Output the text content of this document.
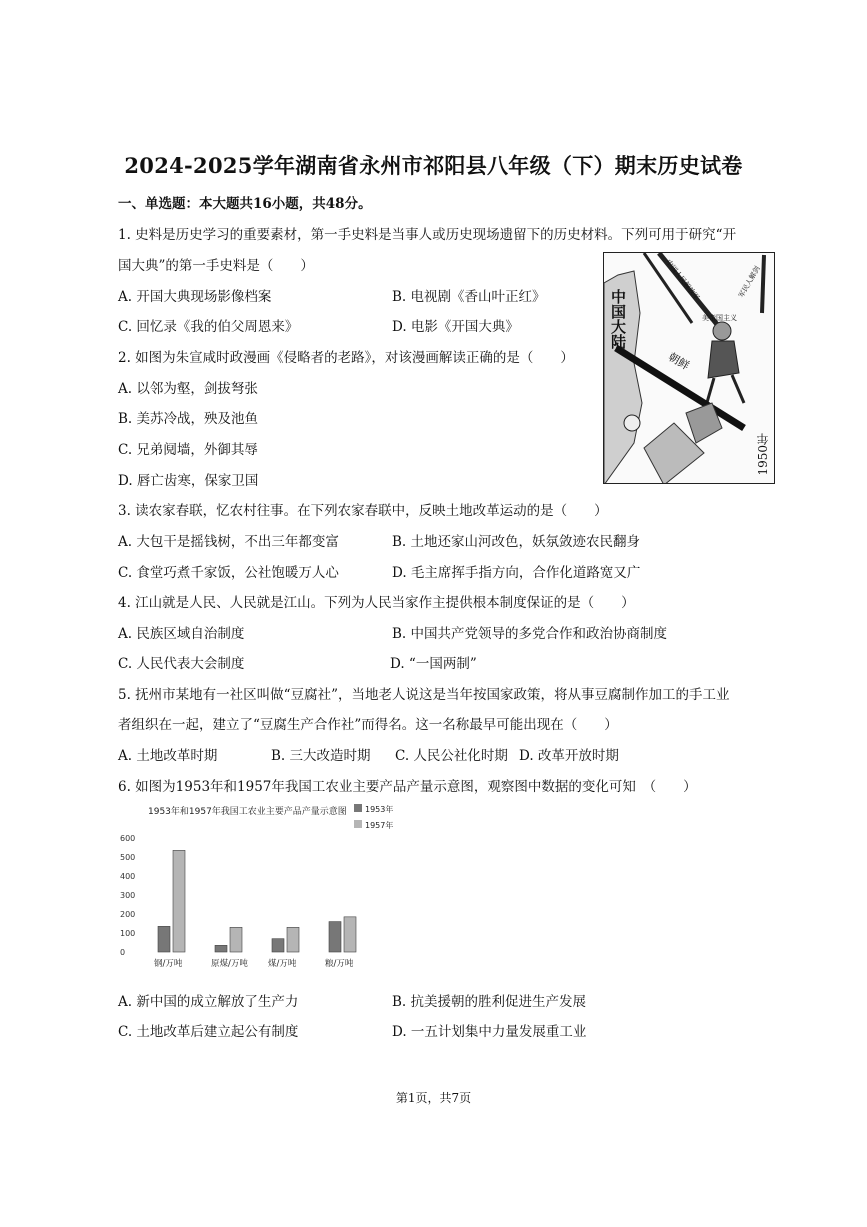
2024-2025学年湖南省永州市祁阳县八年级（下）期末历史试卷
一、单选题：本大题共16小题，共48分。
1. 史料是历史学习的重要素材，第一手史料是当事人或历史现场遗留下的历史材料。下列可用于研究“开
国大典”的第一手史料是（　　）
A. 开国大典现场影像档案	B. 电视剧《香山叶正红》
C. 回忆录《我的伯父周恩来》	D. 电影《开国大典》
2. 如图为朱宣咸时政漫画《侵略者的老路》，对该漫画解读正确的是（　　）
A. 以邻为壑，剑拔弩张
B. 美苏冷战，殃及池鱼
C. 兄弟阋墙，外御其辱
D. 唇亡齿寒，保家卫国
中国大陆
朝鲜
1950年
美帝国主义
中国人民解放军	军民人解剑
3. 读农家春联，忆农村往事。在下列农家春联中，反映土地改革运动的是（　　）
A. 大包干是摇钱树，不出三年都变富	B. 土地还家山河改色，妖氛敛迹农民翻身
C. 食堂巧煮千家饭，公社饱暖万人心	D. 毛主席挥手指方向，合作化道路宽又广
4. 江山就是人民、人民就是江山。下列为人民当家作主提供根本制度保证的是（　　）
A. 民族区域自治制度	B. 中国共产党领导的多党合作和政治协商制度
C. 人民代表大会制度	D. “一国两制”
5. 抚州市某地有一社区叫做“豆腐社”，当地老人说这是当年按国家政策，将从事豆腐制作加工的手工业
者组织在一起，建立了“豆腐生产合作社”而得名。这一名称最早可能出现在（　　）
A. 土地改革时期	B. 三大改造时期 C. 人民公社化时期 D. 改革开放时期
6. 如图为1953年和1957年我国工农业主要产品产量示意图，观察图中数据的变化可知　（　　）
1953年和1957年我国工农业主要产品产量示意图 1953年
1957年
600
500
400
300
200
100
0
钢/万吨	原煤/万吨 煤/万吨	粮/万吨
A. 新中国的成立解放了生产力	B. 抗美援朝的胜利促进生产发展
C. 土地改革后建立起公有制度	D. 一五计划集中力量发展重工业
第1页，共7页
